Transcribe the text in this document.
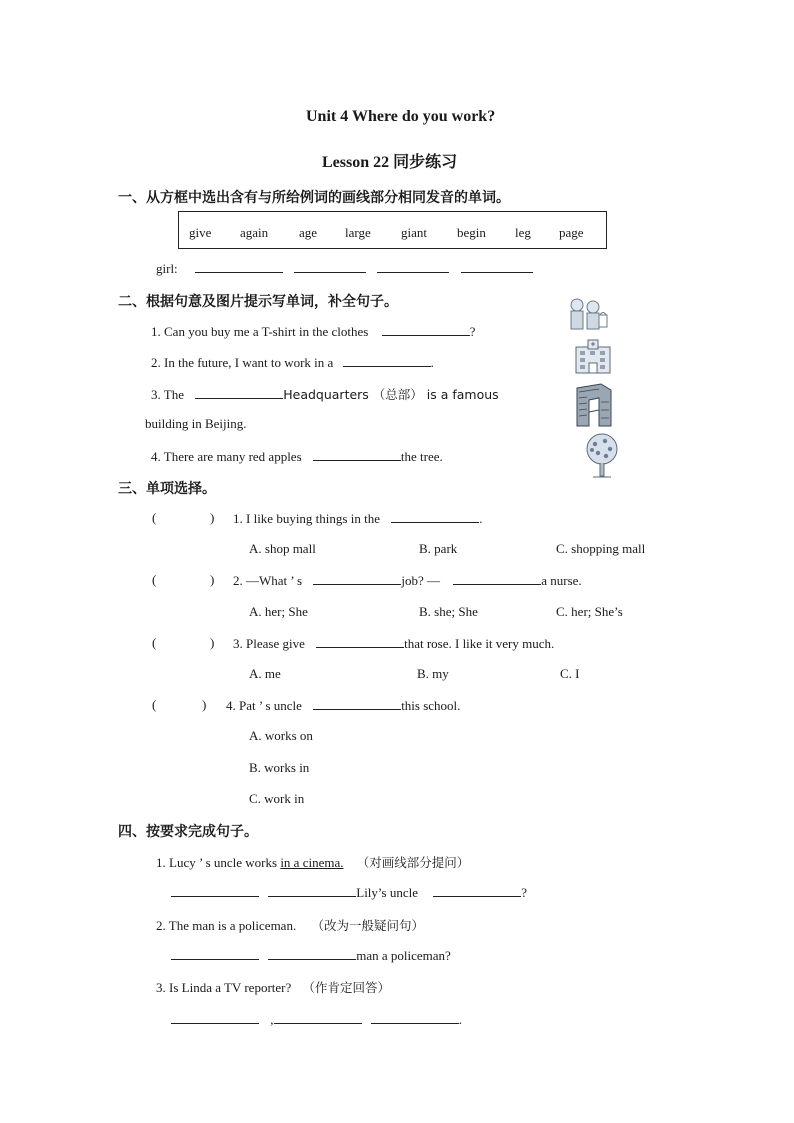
Unit 4 Where do you work?
Lesson 22 同步练习
一、从方框中选出含有与所给例词的画线部分相同发音的单词。
give again age large giant begin leg page
girl:
二、根据句意及图片提示写单词，补全句子。
1. Can you buy me a T-shirt in the clothes	?
2. In the future, I want to work in a	.
3. The	Headquarters （总部） is a famous
building in Beijing.
4. There are many red apples	the tree.
三、单项选择。
(	) 1. I like buying things in the	.
A. shop mall	B. park	C. shopping mall
(	) 2. —What ’ s	job? —	a nurse.
A. her; She	B. she; She	C. her; She’s
(	) 3. Please give	that rose. I like it very much.
A. me	B. my	C. I
(	) 4. Pat ’ s uncle	this school.
A. works on
B. works in
C. work in
四、按要求完成句子。
1. Lucy ’ s uncle works in a cinema. （对画线部分提问）
Lily’s uncle	?
2. The man is a policeman. （改为一般疑问句）
man a policeman?
3. Is Linda a TV reporter? （作肯定回答）
,	.
